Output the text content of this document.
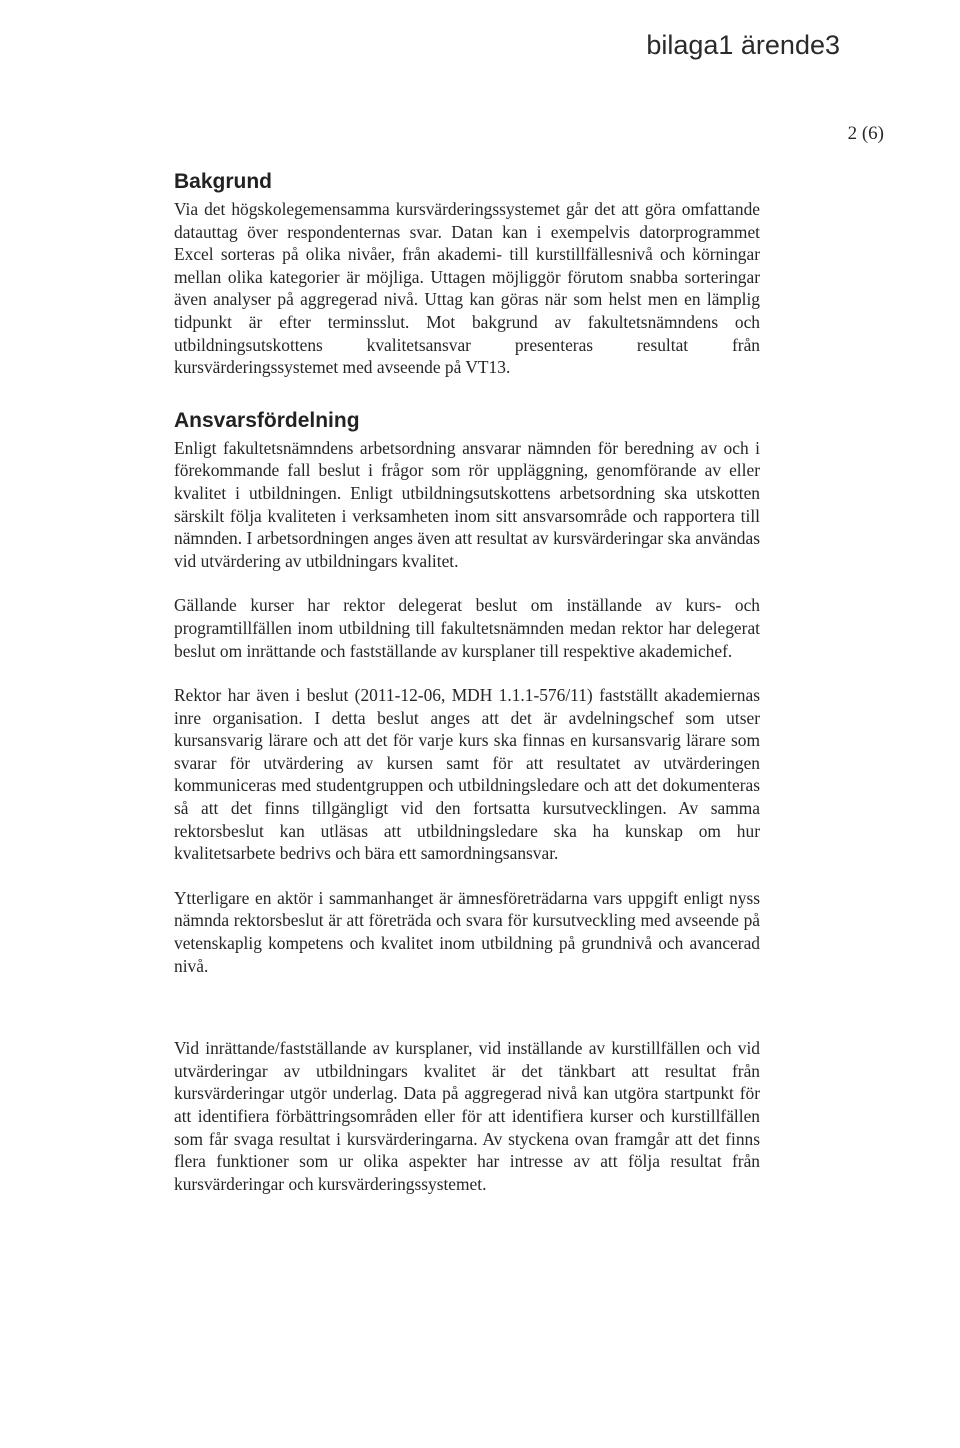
bilaga1 ärende3
2 (6)
Bakgrund

Via det högskolegemensamma kursvärderingssystemet går det att göra omfattande datauttag över respondenternas svar. Datan kan i exempelvis datorprogrammet Excel sorteras på olika nivåer, från akademi- till kurstillfällesnivå och körningar mellan olika kategorier är möjliga. Uttagen möjliggör förutom snabba sorteringar även analyser på aggregerad nivå. Uttag kan göras när som helst men en lämplig tidpunkt är efter terminsslut. Mot bakgrund av fakultetsnämndens och utbildningsutskottens kvalitetsansvar presenteras resultat från kursvärderingssystemet med avseende på VT13.

Ansvarsfördelning

Enligt fakultetsnämndens arbetsordning ansvarar nämnden för beredning av och i förekommande fall beslut i frågor som rör uppläggning, genomförande av eller kvalitet i utbildningen. Enligt utbildningsutskottens arbetsordning ska utskotten särskilt följa kvaliteten i verksamheten inom sitt ansvarsområde och rapportera till nämnden. I arbetsordningen anges även att resultat av kursvärderingar ska användas vid utvärdering av utbildningars kvalitet.

Gällande kurser har rektor delegerat beslut om inställande av kurs- och programtillfällen inom utbildning till fakultetsnämnden medan rektor har delegerat beslut om inrättande och fastställande av kursplaner till respektive akademichef.

Rektor har även i beslut (2011-12-06, MDH 1.1.1-576/11) fastställt akademiernas inre organisation. I detta beslut anges att det är avdelningschef som utser kursansvarig lärare och att det för varje kurs ska finnas en kursansvarig lärare som svarar för utvärdering av kursen samt för att resultatet av utvärderingen kommuniceras med studentgruppen och utbildningsledare och att det dokumenteras så att det finns tillgängligt vid den fortsatta kursutvecklingen. Av samma rektorsbeslut kan utläsas att utbildningsledare ska ha kunskap om hur kvalitetsarbete bedrivs och bära ett samordningsansvar.

Ytterligare en aktör i sammanhanget är ämnesföreträdarna vars uppgift enligt nyss nämnda rektorsbeslut är att företräda och svara för kursutveckling med avseende på vetenskaplig kompetens och kvalitet inom utbildning på grundnivå och avancerad nivå.

Vid inrättande/fastställande av kursplaner, vid inställande av kurstillfällen och vid utvärderingar av utbildningars kvalitet är det tänkbart att resultat från kursvärderingar utgör underlag. Data på aggregerad nivå kan utgöra startpunkt för att identifiera förbättringsområden eller för att identifiera kurser och kurstillfällen som får svaga resultat i kursvärderingarna. Av styckena ovan framgår att det finns flera funktioner som ur olika aspekter har intresse av att följa resultat från kursvärderingar och kursvärderingssystemet.
